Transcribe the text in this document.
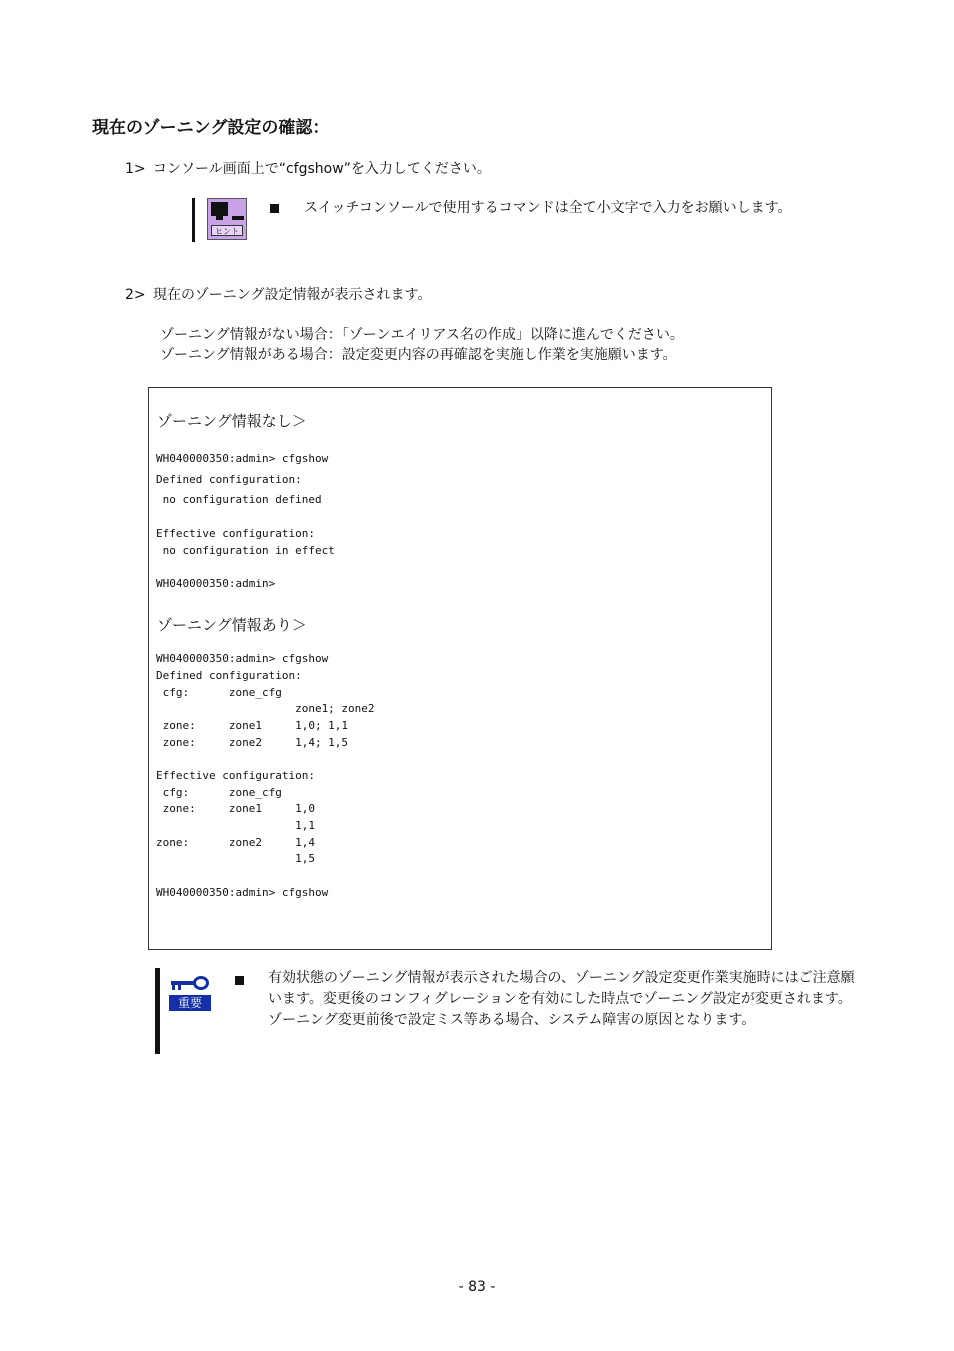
現在のゾーニング設定の確認：
1> コンソール画面上で“cfgshow”を入力してください。
ヒント
スイッチコンソールで使用するコマンドは全て小文字で入力をお願いします。
2> 現在のゾーニング設定情報が表示されます。
ゾーニング情報がない場合：「ゾーンエイリアス名の作成」以降に進んでください。
ゾーニング情報がある場合：設定変更内容の再確認を実施し作業を実施願います。
ゾーニング情報なし＞
WH040000350:admin> cfgshow
Defined configuration:
no configuration defined
Effective configuration:
no configuration in effect
WH040000350:admin>
ゾーニング情報あり＞
WH040000350:admin> cfgshow
Defined configuration:
cfg:      zone_cfg
zone1; zone2
zone:     zone1     1,0; 1,1
zone:     zone2     1,4; 1,5
Effective configuration:
cfg:      zone_cfg
zone:     zone1     1,0
1,1
zone:      zone2     1,4
1,5
WH040000350:admin> cfgshow
重要
有効状態のゾーニング情報が表示された場合の、ゾーニング設定変更作業実施時にはご注意願います。変更後のコンフィグレーションを有効にした時点でゾーニング設定が変更されます。ゾーニング変更前後で設定ミス等ある場合、システム障害の原因となります。
- 83 -
